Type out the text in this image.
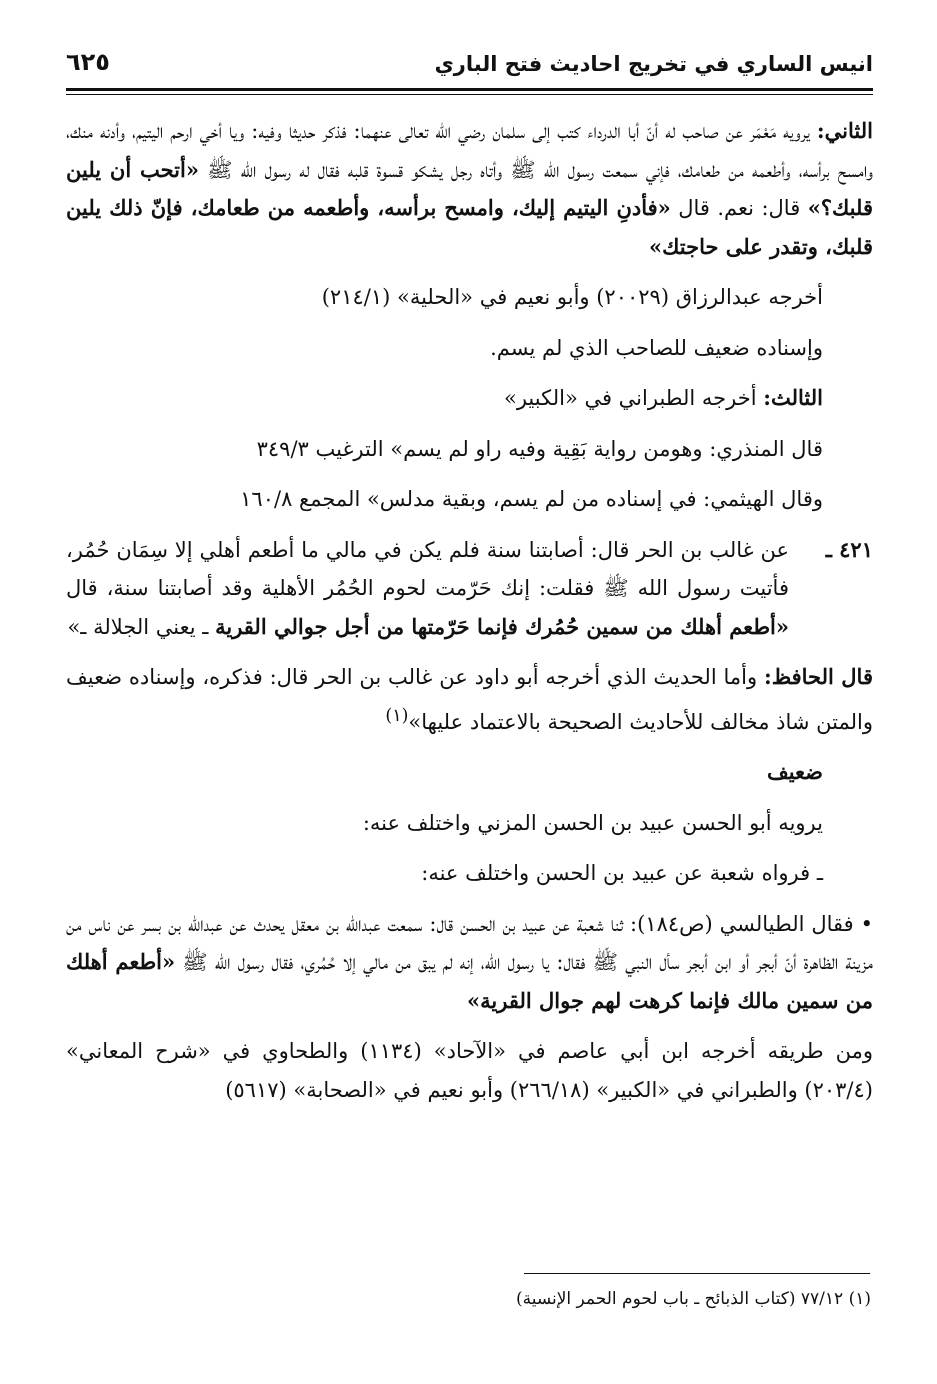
انيس الساري في تخريج احاديث فتح الباري
٦٢٥

الثاني: يرويه مَعْمَر عن صاحب له أنّ أبا الدرداء كتب إلى سلمان رضي الله تعالى عنهما: فذكر حديثا وفيه: ويا أخي ارحم اليتيم، وأدنه منك، وامسح برأسه، وأطعمه من طعامك، فإني سمعت رسول الله ﷺ وأتاه رجل يشكو قسوة قلبه فقال له رسول الله ﷺ «أتحب أن يلين قلبك؟» قال: نعم. قال «فأدنِ اليتيم إليك، وامسح برأسه، وأطعمه من طعامك، فإنّ ذلك يلين قلبك، وتقدر على حاجتك»

أخرجه عبدالرزاق (٢٠٠٢٩) وأبو نعيم في «الحلية» (٢١٤/١)

وإسناده ضعيف للصاحب الذي لم يسم.

الثالث: أخرجه الطبراني في «الكبير»

قال المنذري: وهومن رواية بَقِية وفيه راو لم يسم» الترغيب ٣٤٩/٣

وقال الهيثمي: في إسناده من لم يسم، وبقية مدلس» المجمع ١٦٠/٨

٤٢١ ـ
عن غالب بن الحر قال: أصابتنا سنة فلم يكن في مالي ما أطعم أهلي إلا سِمَان حُمُر، فأتيت رسول الله ﷺ فقلت: إنك حَرّمت لحوم الحُمُر الأهلية وقد أصابتنا سنة، قال «أطعم أهلك من سمين حُمُرك فإنما حَرّمتها من أجل جوالي القرية ـ يعني الجلالة ـ»

قال الحافظ: وأما الحديث الذي أخرجه أبو داود عن غالب بن الحر قال: فذكره، وإسناده ضعيف والمتن شاذ مخالف للأحاديث الصحيحة بالاعتماد عليها»$^{(١)}$

ضعيف

يرويه أبو الحسن عبيد بن الحسن المزني واختلف عنه:

ـ فرواه شعبة عن عبيد بن الحسن واختلف عنه:

• فقال الطيالسي (ص١٨٤): ثنا شعبة عن عبيد بن الحسن قال: سمعت عبدالله بن معقل يحدث عن عبدالله بن بسر عن ناس من مزينة الظاهرة أنّ أبجر أو ابن أبجر سأل النبي ﷺ فقال: يا رسول الله، إنه لم يبق من مالي إلا حُمُري، فقال رسول الله ﷺ «أطعم أهلك من سمين مالك فإنما كرهت لهم جوال القرية»

ومن طريقه أخرجه ابن أبي عاصم في «الآحاد» (١١٣٤) والطحاوي في «شرح المعاني» (٢٠٣/٤) والطبراني في «الكبير» (٢٦٦/١٨) وأبو نعيم في «الصحابة» (٥٦١٧)

(١) ٧٧/١٢ (كتاب الذبائح ـ باب لحوم الحمر الإنسية)
